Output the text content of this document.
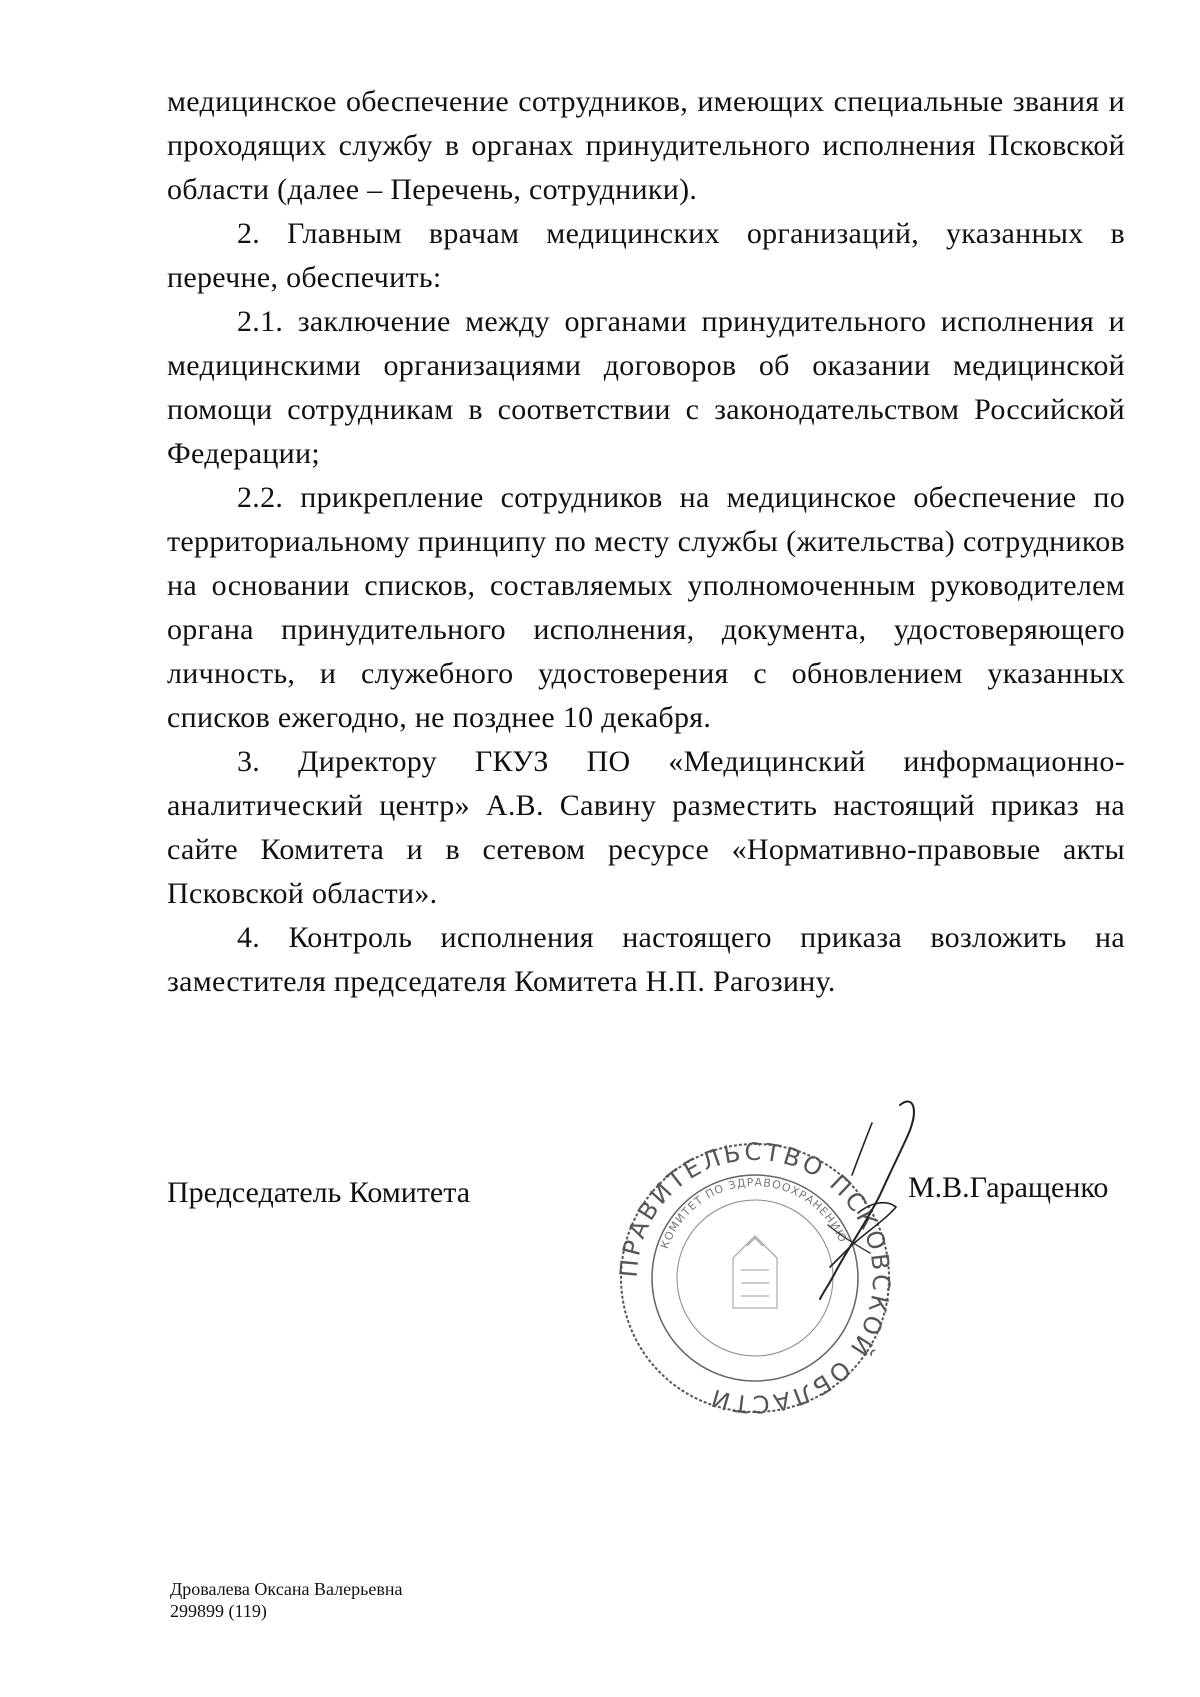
медицинское обеспечение сотрудников, имеющих специальные звания и проходящих службу в органах принудительного исполнения Псковской области (далее – Перечень, сотрудники).

2. Главным врачам медицинских организаций, указанных в перечне, обеспечить:

2.1. заключение между органами принудительного исполнения и медицинскими организациями договоров об оказании медицинской помощи сотрудникам в соответствии с законодательством Российской Федерации;

2.2. прикрепление сотрудников на медицинское обеспечение по территориальному принципу по месту службы (жительства) сотрудников на основании списков, составляемых уполномоченным руководителем органа принудительного исполнения, документа, удостоверяющего личность, и служебного удостоверения с обновлением указанных списков ежегодно, не позднее 10 декабря.

3. Директору ГКУЗ ПО «Медицинский информационно-аналитический центр» А.В. Савину разместить настоящий приказ на сайте Комитета и в сетевом ресурсе «Нормативно-правовые акты Псковской области».

4. Контроль исполнения настоящего приказа возложить на заместителя председателя Комитета Н.П. Рагозину.

Председатель Комитета
ПРАВИТЕЛЬСТВО ПСКОВСКОЙ ОБЛАСТИ
КОМИТЕТ ПО ЗДРАВООХРАНЕНИЮ
М.В.Гаращенко
Дровалева Оксана Валерьевна
299899 (119)
